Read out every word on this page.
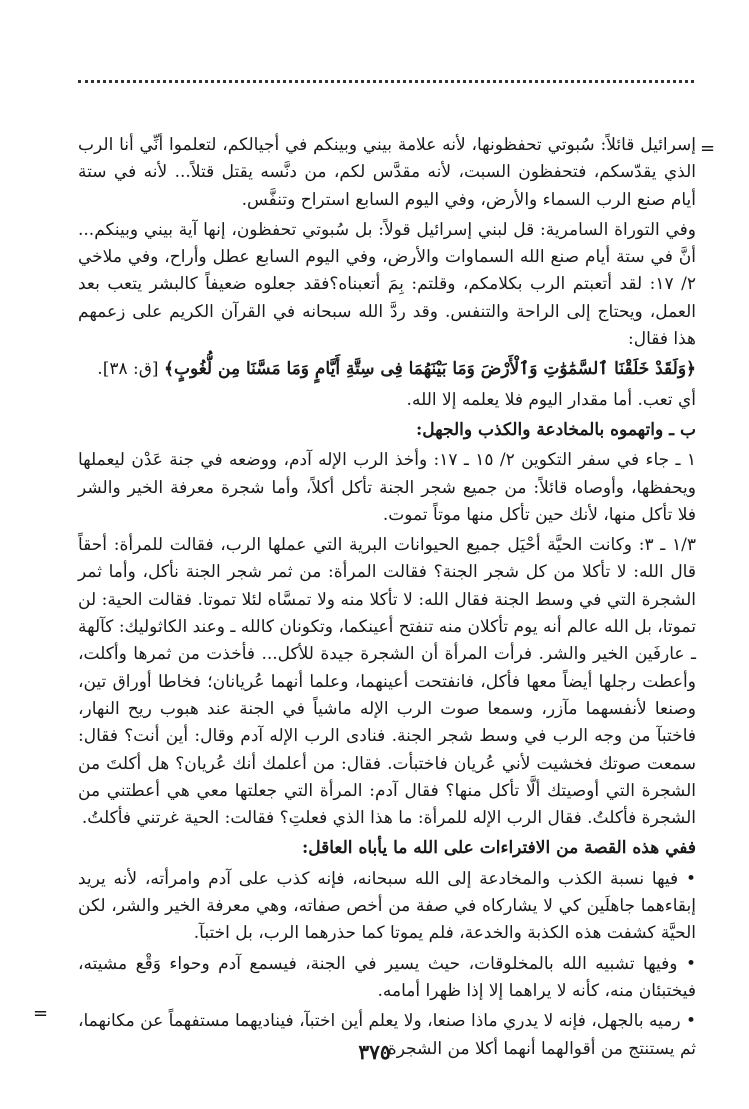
=

إسرائيل قائلاً: سُبوتي تحفظونها، لأنه علامة بيني وبينكم في أجيالكم، لتعلموا أنِّي أنا الرب الذي يقدّسكم، فتحفظون السبت، لأنه مقدَّس لكم، من دنَّسه يقتل قتلاً... لأنه في ستة أيام صنع الرب السماء والأرض، وفي اليوم السابع استراح وتنفَّس.

وفي التوراة السامرية: قل لبني إسرائيل قولاً: بل سُبوتي تحفظون، إنها آية بيني وبينكم... أنَّ في ستة أيام صنع الله السماوات والأرض، وفي اليوم السابع عطل وأراح، وفي ملاخي ٢/ ١٧: لقد أتعبتم الرب بكلامكم، وقلتم: بِمَ أتعبناه؟فقد جعلوه ضعيفاً كالبشر يتعب بعد العمل، ويحتاج إلى الراحة والتنفس. وقد ردَّ الله سبحانه في القرآن الكريم على زعمهم هذا فقال:

﴿وَلَقَدْ خَلَقْنَا ٱلسَّمَٰوَٰتِ وَٱلْأَرْضَ وَمَا بَيْنَهُمَا فِى سِتَّةِ أَيَّامٍ وَمَا مَسَّنَا مِن لُّغُوبٍ﴾ [ق: ٣٨].

أي تعب. أما مقدار اليوم فلا يعلمه إلا الله.

ب ـ واتهموه بالمخادعة والكذب والجهل:

١ ـ جاء في سفر التكوين ٢/ ١٥ ـ ١٧: وأخذ الرب الإله آدم، ووضعه في جنة عَدْن ليعملها ويحفظها، وأوصاه قائلاً: من جميع شجر الجنة تأكل أكلاً، وأما شجرة معرفة الخير والشر فلا تأكل منها، لأنك حين تأكل منها موتاً تموت.

١/٣ ـ ٣: وكانت الحيَّة أحْيَل جميع الحيوانات البرية التي عملها الرب، فقالت للمرأة: أحقاً قال الله: لا تأكلا من كل شجر الجنة؟ فقالت المرأة: من ثمر شجر الجنة نأكل، وأما ثمر الشجرة التي في وسط الجنة فقال الله: لا تأكلا منه ولا تمسَّاه لئلا تموتا. فقالت الحية: لن تموتا، بل الله عالم أنه يوم تأكلان منه تنفتح أعينكما، وتكونان كالله ـ وعند الكاثوليك: كآلهة ـ عارفَين الخير والشر. فرأت المرأة أن الشجرة جيدة للأكل... فأخذت من ثمرها وأكلت، وأعطت رجلها أيضاً معها فأكل، فانفتحت أعينهما، وعلما أنهما عُريانان؛ فخاطا أوراق تين، وصنعا لأنفسهما مآزر، وسمعا صوت الرب الإله ماشياً في الجنة عند هبوب ريح النهار، فاختبآ من وجه الرب في وسط شجر الجنة. فنادى الرب الإله آدم وقال: أين أنت؟ فقال: سمعت صوتك فخشيت لأني عُريان فاختبأت. فقال: من أعلمك أنك عُريان؟ هل أكلتَ من الشجرة التي أوصيتك ألَّا تأكل منها؟ فقال آدم: المرأة التي جعلتها معي هي أعطتني من الشجرة فأكلتُ. فقال الرب الإله للمرأة: ما هذا الذي فعلتِ؟ فقالت: الحية غرتني فأكلتُ.

ففي هذه القصة من الافتراءات على الله ما يأباه العاقل:

• فيها نسبة الكذب والمخادعة إلى الله سبحانه، فإنه كذب على آدم وامرأته، لأنه يريد إبقاءهما جاهلَين كي لا يشاركاه في صفة من أخص صفاته، وهي معرفة الخير والشر، لكن الحيَّة كشفت هذه الكذبة والخدعة، فلم يموتا كما حذرهما الرب، بل اختبآ.

• وفيها تشبيه الله بالمخلوقات، حيث يسير في الجنة، فيسمع آدم وحواء وَقْع مشيته، فيختبئان منه، كأنه لا يراهما إلا إذا ظهرا أمامه.

• رميه بالجهل، فإنه لا يدري ماذا صنعا، ولا يعلم أين اختبآ، فيناديهما مستفهماً عن مكانهما، ثم يستنتج من أقوالهما أنهما أكلا من الشجرة.

=
٣٧٥
